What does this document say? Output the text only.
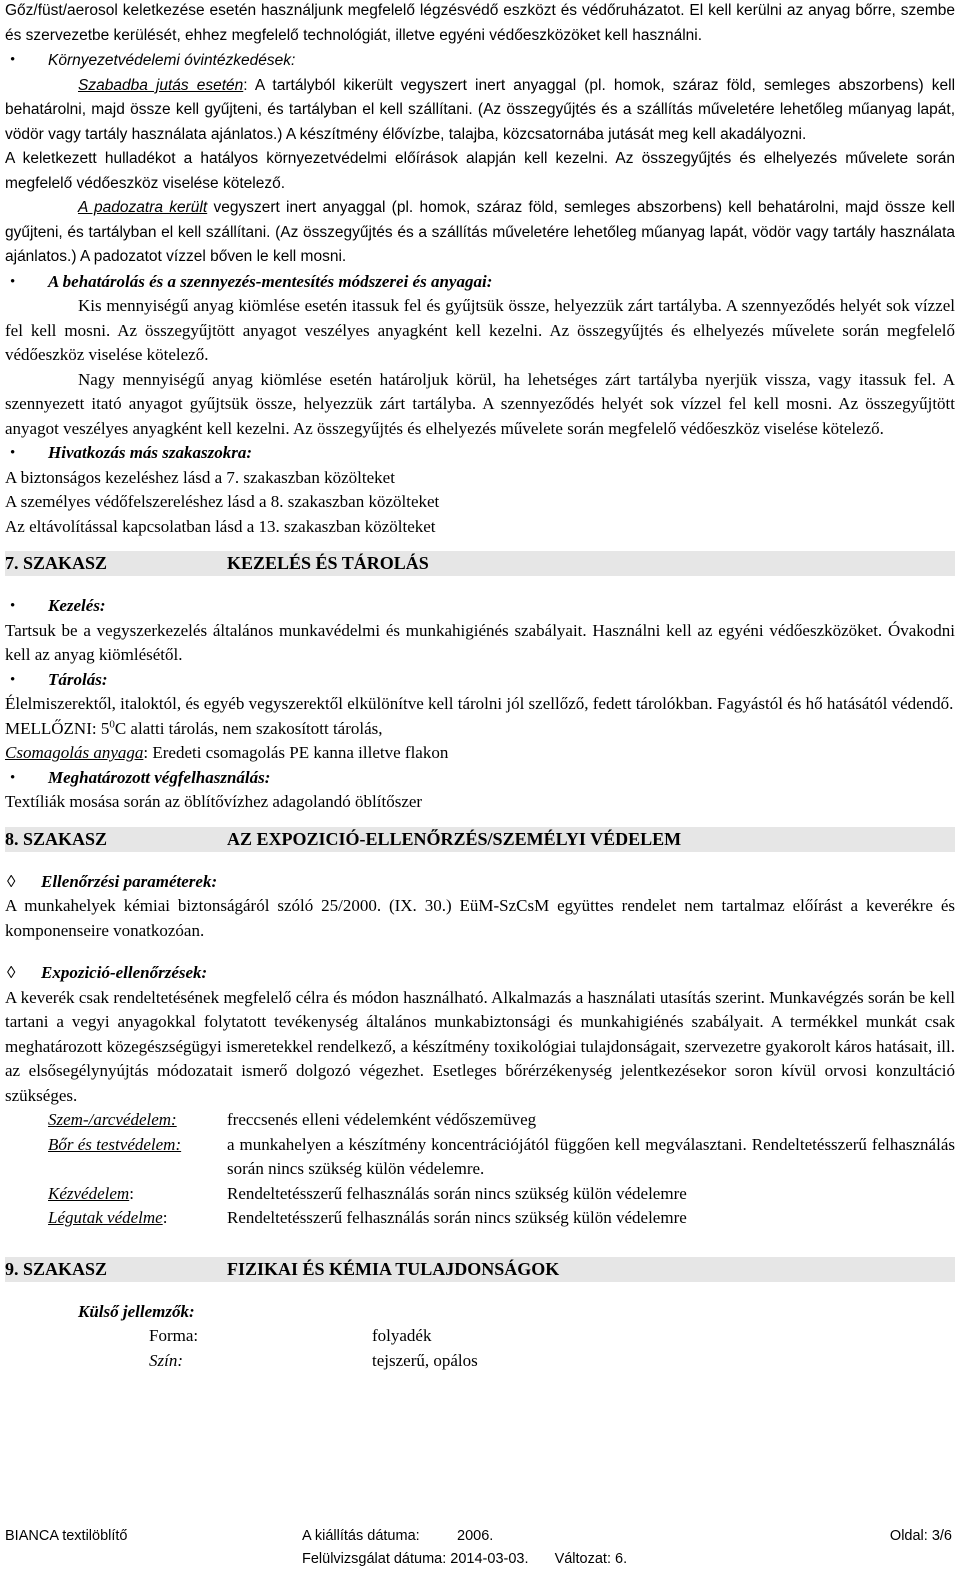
Gőz/füst/aerosol keletkezése esetén használjunk megfelelő légzésvédő eszközt és védőruházatot. El kell kerülni az anyag bőrre, szembe és szervezetbe kerülését, ehhez megfelelő technológiát, illetve egyéni védőeszközöket kell használni.

• Környezetvédelemi óvintézkedések:

Szabadba jutás esetén: A tartályból kikerült vegyszert inert anyaggal (pl. homok, száraz föld, semleges abszorbens) kell behatárolni, majd össze kell gyűjteni, és tartályban el kell szállítani. (Az összegyűjtés és a szállítás műveletére lehetőleg műanyag lapát, vödör vagy tartály használata ajánlatos.) A készítmény élővízbe, talajba, közcsatornába jutását meg kell akadályozni.

A keletkezett hulladékot a hatályos környezetvédelmi előírások alapján kell kezelni. Az összegyűjtés és elhelyezés művelete során megfelelő védőeszköz viselése kötelező.

A padozatra került vegyszert inert anyaggal (pl. homok, száraz föld, semleges abszorbens) kell behatárolni, majd össze kell gyűjteni, és tartályban el kell szállítani. (Az összegyűjtés és a szállítás műveletére lehetőleg műanyag lapát, vödör vagy tartály használata ajánlatos.) A padozatot vízzel bőven le kell mosni.

• A behatárolás és a szennyezés-mentesítés módszerei és anyagai:

Kis mennyiségű anyag kiömlése esetén itassuk fel és gyűjtsük össze, helyezzük zárt tartályba. A szennyeződés helyét sok vízzel fel kell mosni. Az összegyűjtött anyagot veszélyes anyagként kell kezelni. Az összegyűjtés és elhelyezés művelete során megfelelő védőeszköz viselése kötelező.

Nagy mennyiségű anyag kiömlése esetén határoljuk körül, ha lehetséges zárt tartályba nyerjük vissza, vagy itassuk fel. A szennyezett itató anyagot gyűjtsük össze, helyezzük zárt tartályba. A szennyeződés helyét sok vízzel fel kell mosni. Az összegyűjtött anyagot veszélyes anyagként kell kezelni. Az összegyűjtés és elhelyezés művelete során megfelelő védőeszköz viselése kötelező.

• Hivatkozás más szakaszokra:

A biztonságos kezeléshez lásd a 7. szakaszban közölteket

A személyes védőfelszereléshez lásd a 8. szakaszban közölteket

Az eltávolítással kapcsolatban lásd a 13. szakaszban közölteket

7. SZAKASZ	KEZELÉS ÉS TÁROLÁS
• Kezelés:

Tartsuk be a vegyszerkezelés általános munkavédelmi és munkahigiénés szabályait. Használni kell az egyéni védőeszközöket. Óvakodni kell az anyag kiömlésétől.

• Tárolás:

Élelmiszerektől, italoktól, és egyéb vegyszerektől elkülönítve kell tárolni jól szellőző, fedett tárolókban. Fagyástól és hő hatásától védendő.

MELLŐZNI: $5^0C$ alatti tárolás, nem szakosított tárolás,

Csomagolás anyaga: Eredeti csomagolás PE kanna illetve flakon

• Meghatározott végfelhasználás:

Textíliák mosása során az öblítővízhez adagolandó öblítőszer

8. SZAKASZ	AZ EXPOZICIÓ-ELLENŐRZÉS/SZEMÉLYI VÉDELEM
◊ Ellenőrzési paraméterek:

A munkahelyek kémiai biztonságáról szóló 25/2000. (IX. 30.) EüM-SzCsM együttes rendelet nem tartalmaz előírást a keverékre és komponenseire vonatkozóan.

◊ Expozició-ellenőrzések:

A keverék csak rendeltetésének megfelelő célra és módon használható. Alkalmazás a használati utasítás szerint. Munkavégzés során be kell tartani a vegyi anyagokkal folytatott tevékenység általános munkabiztonsági és munkahigiénés szabályait. A termékkel munkát csak meghatározott közegészségügyi ismeretekkel rendelkező, a készítmény toxikológiai tulajdonságait, szervezetre gyakorolt káros hatásait, ill. az elsősegélynyújtás módozatait ismerő dolgozó végezhet. Esetleges bőrérzékenység jelentkezésekor soron kívül orvosi konzultáció szükséges.

Szem-/arcvédelem:	freccsenés elleni védelemként védőszemüveg
Bőr és testvédelem:	a munkahelyen a készítmény koncentrációjától függően kell megválasztani. Rendeltetésszerű felhasználás során nincs szükség külön védelemre.
Kézvédelem:	Rendeltetésszerű felhasználás során nincs szükség külön védelemre
Légutak védelme:	Rendeltetésszerű felhasználás során nincs szükség külön védelemre
9. SZAKASZ	FIZIKAI ÉS KÉMIA TULAJDONSÁGOK

Külső jellemzők:

Forma:	folyadék
Szín:	tejszerű, opálos
BIANCA textilöblítő	A kiállítás dátuma:	2006.	Oldal: 3/6
Felülvizsgálat dátuma: 2014-03-03. Változat: 6.
